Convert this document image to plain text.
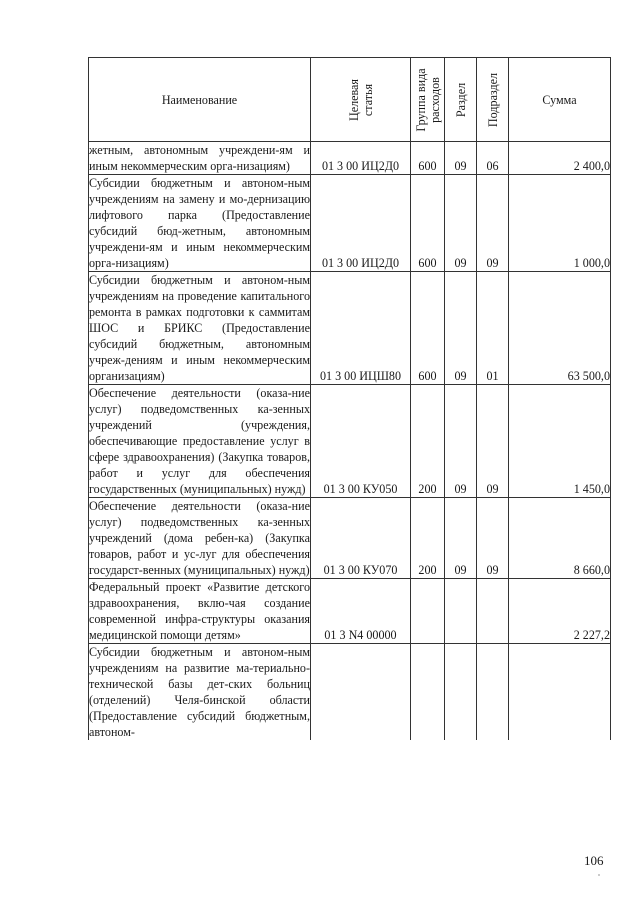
Наименование	Целевая статья	Группа вида расходов	Раздел	Подраздел	Сумма
жетным, автономным учреждени-ям и иным некоммерческим орга-низациям)	01 3 00 ИЦ2Д0	600	09	06	2 400,0
Субсидии бюджетным и автоном-ным учреждениям на замену и мо-дернизацию лифтового парка (Предоставление субсидий бюд-жетным, автономным учреждени-ям и иным некоммерческим орга-низациям)	01 3 00 ИЦ2Д0	600	09	09	1 000,0
Субсидии бюджетным и автоном-ным учреждениям на проведение капитального ремонта в рамках подготовки к саммитам ШОС и БРИКС (Предоставление субсидий бюджетным, автономным учреж-дениям и иным некоммерческим организациям)	01 3 00 ИЦШ80	600	09	01	63 500,0
Обеспечение деятельности (оказа-ние услуг) подведомственных ка-зенных учреждений (учреждения, обеспечивающие предоставление услуг в сфере здравоохранения) (Закупка товаров, работ и услуг для обеспечения государственных (муниципальных) нужд)	01 3 00 КУ050	200	09	09	1 450,0
Обеспечение деятельности (оказа-ние услуг) подведомственных ка-зенных учреждений (дома ребен-ка) (Закупка товаров, работ и ус-луг для обеспечения государст-венных (муниципальных) нужд)	01 3 00 КУ070	200	09	09	8 660,0
Федеральный проект «Развитие детского здравоохранения, вклю-чая создание современной инфра-структуры оказания медицинской помощи детям»	01 3 N4 00000				2 227,2
Субсидии бюджетным и автоном-ным учреждениям на развитие ма-териально-технической базы дет-ских больниц (отделений) Челя-бинской области (Предоставление субсидий бюджетным, автоном-					
106
